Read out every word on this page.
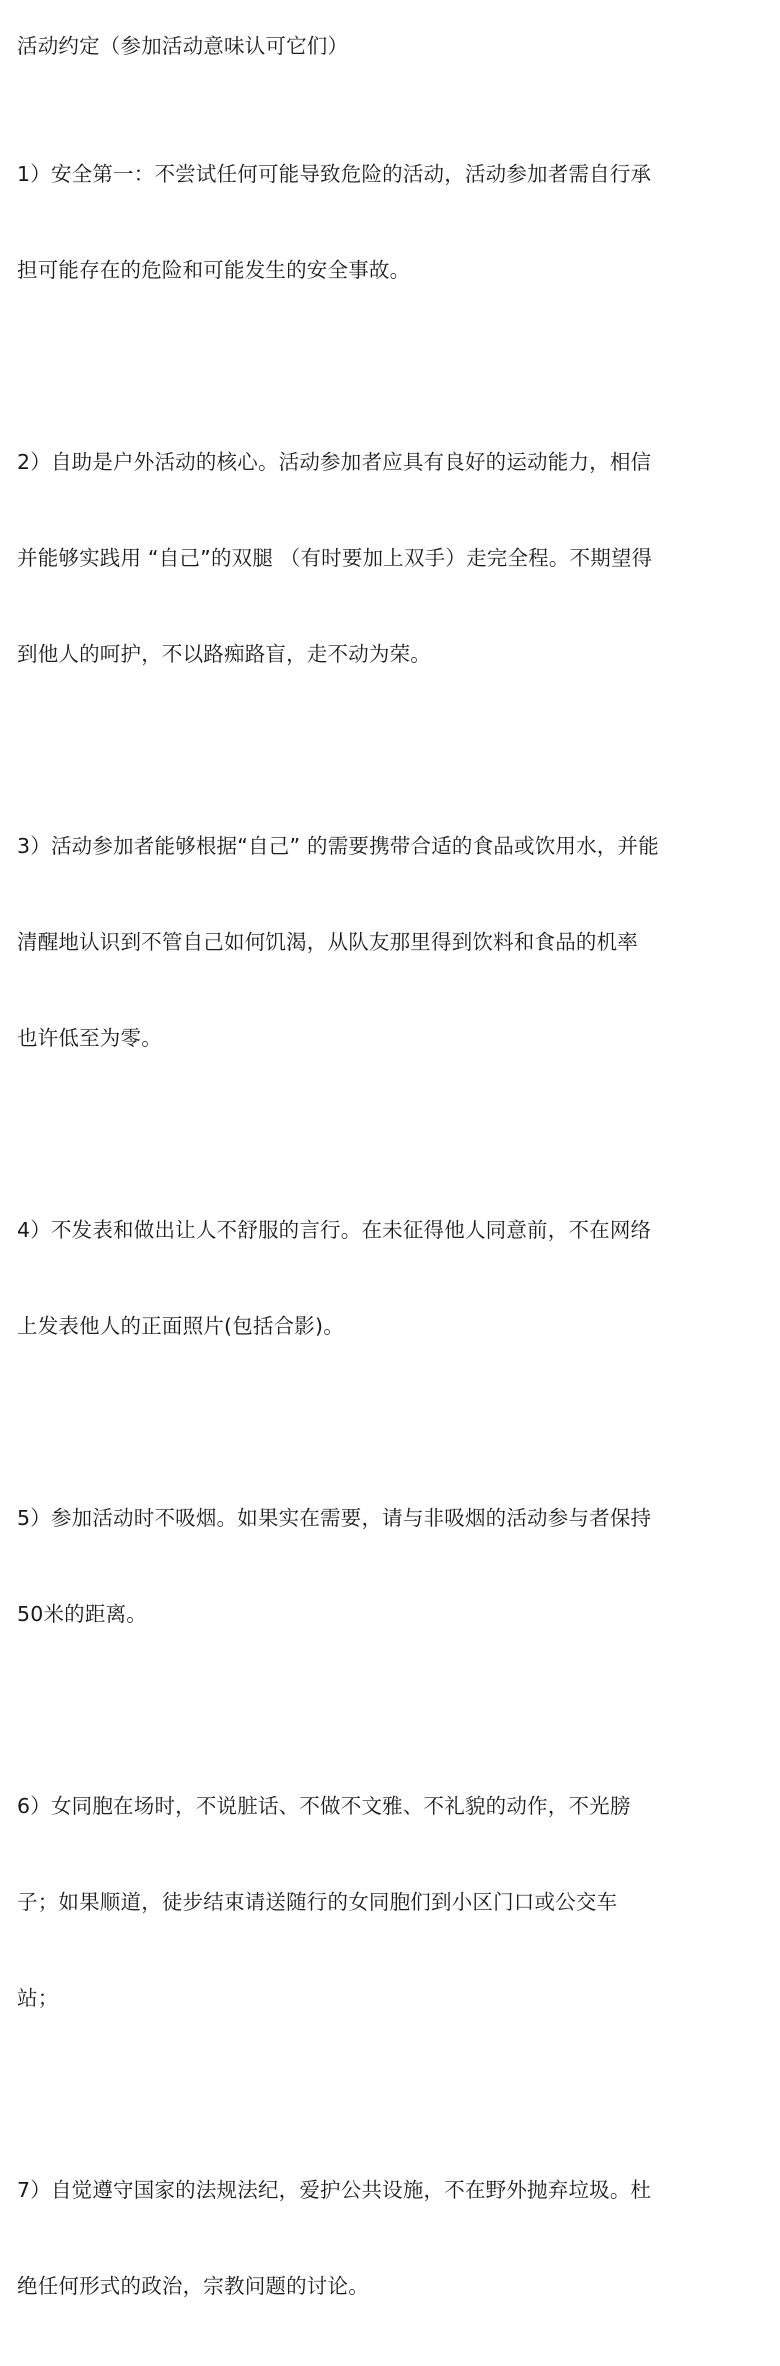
活动约定（参加活动意味认可它们）

1）安全第一：不尝试任何可能导致危险的活动，活动参加者需自行承

担可能存在的危险和可能发生的安全事故。

2）自助是户外活动的核心。活动参加者应具有良好的运动能力，相信

并能够实践用 “自己”的双腿 （有时要加上双手）走完全程。不期望得

到他人的呵护，不以路痴路盲，走不动为荣。

3）活动参加者能够根据“自己” 的需要携带合适的食品或饮用水，并能

清醒地认识到不管自己如何饥渴，从队友那里得到饮料和食品的机率

也许低至为零。

4）不发表和做出让人不舒服的言行。在未征得他人同意前，不在网络

上发表他人的正面照片(包括合影)。

5）参加活动时不吸烟。如果实在需要，请与非吸烟的活动参与者保持

50米的距离。

6）女同胞在场时，不说脏话、不做不文雅、不礼貌的动作，不光膀

子；如果顺道，徒步结束请送随行的女同胞们到小区门口或公交车

站；

7）自觉遵守国家的法规法纪，爱护公共设施，不在野外抛弃垃圾。杜

绝任何形式的政治，宗教问题的讨论。
